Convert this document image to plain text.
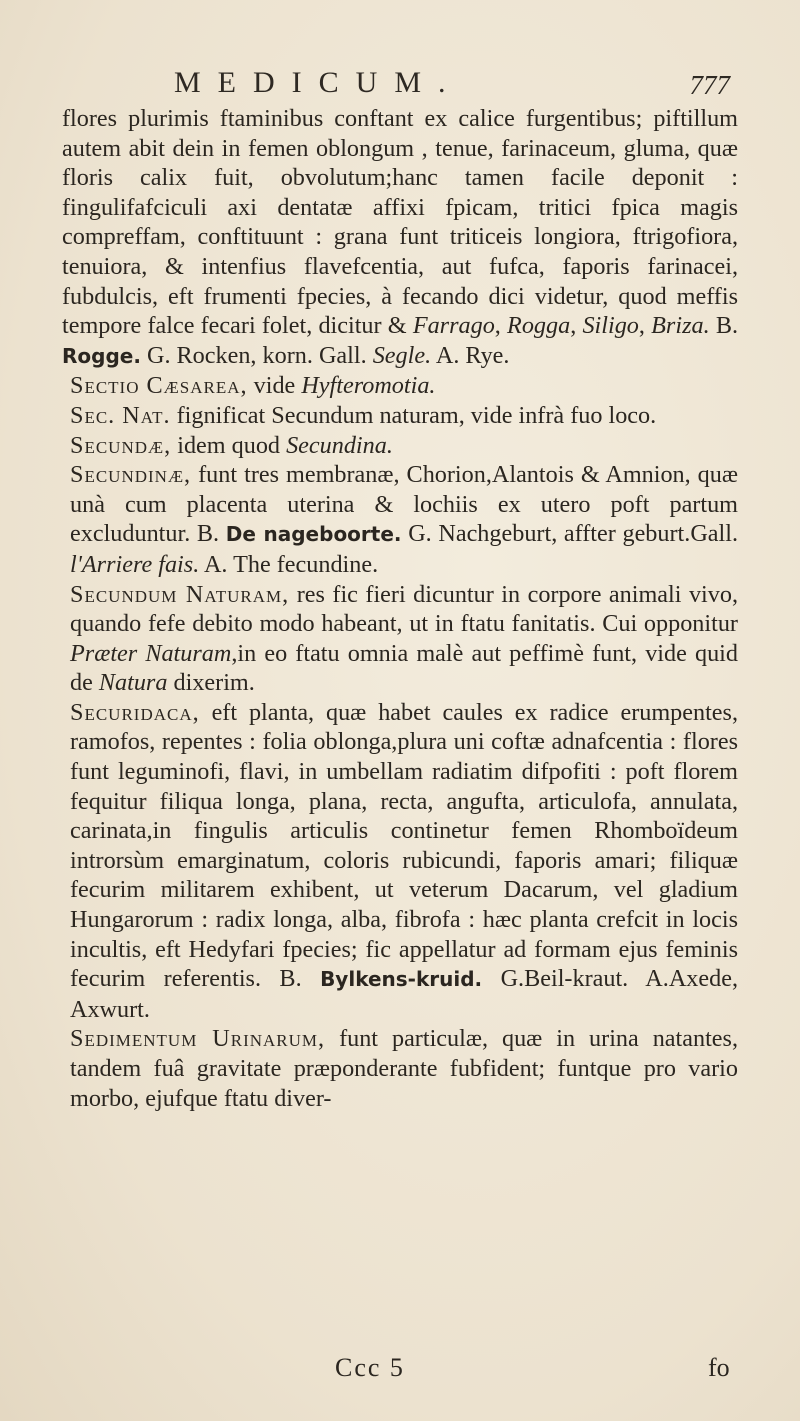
MEDICUM.	777

flores plurimis ftaminibus conftant ex calice furgentibus; piftillum autem abit dein in femen oblongum , tenue, farinaceum, gluma, quæ floris calix fuit, obvolutum;hanc tamen facile deponit : fingulifafciculi axi dentatæ affixi fpicam, tritici fpica magis compreffam, conftituunt : grana funt triticeis longiora, ftrigofiora, tenuiora, & intenfius flavefcentia, aut fufca, faporis farinacei, fubdulcis, eft frumenti fpecies, à fecando dici videtur, quod meffis tempore falce fecari folet, dicitur & Farrago, Rogga, Siligo, Briza. B. Rogge. G. Rocken, korn. Gall. Segle. A. Rye.

Sectio Cæsarea, vide Hyfteromotia.

Sec. Nat. fignificat Secundum naturam, vide infrà fuo loco.

Secundæ, idem quod Secundina.

Secundinæ, funt tres membranæ, Chorion,Alantois & Amnion, quæ unà cum placenta uterina & lochiis ex utero poft partum excluduntur. B. De nageboorte. G. Nachgeburt, affter geburt.Gall. l'Arriere fais. A. The fecundine.

Secundum Naturam, res fic fieri dicuntur in corpore animali vivo, quando fefe debito modo habeant, ut in ftatu fanitatis. Cui opponitur Præter Naturam,in eo ftatu omnia malè aut peffimè funt, vide quid de Natura dixerim.

Securidaca, eft planta, quæ habet caules ex radice erumpentes, ramofos, repentes : folia oblonga,plura uni coftæ adnafcentia : flores funt leguminofi, flavi, in umbellam radiatim difpofiti : poft florem fequitur filiqua longa, plana, recta, angufta, articulofa, annulata, carinata,in fingulis articulis continetur femen Rhomboïdeum introrsùm emarginatum, coloris rubicundi, faporis amari; filiquæ fecurim militarem exhibent, ut veterum Dacarum, vel gladium Hungarorum : radix longa, alba, fibrofa : hæc planta crefcit in locis incultis, eft Hedyfari fpecies; fic appellatur ad formam ejus feminis fecurim referentis. B. Bylkens-kruid. G.Beil-kraut. A.Axede, Axwurt.

Sedimentum Urinarum, funt particulæ, quæ in urina natantes, tandem fuâ gravitate præponderante fubfident; funtque pro vario morbo, ejufque ftatu diver-

Ccc 5	fo
